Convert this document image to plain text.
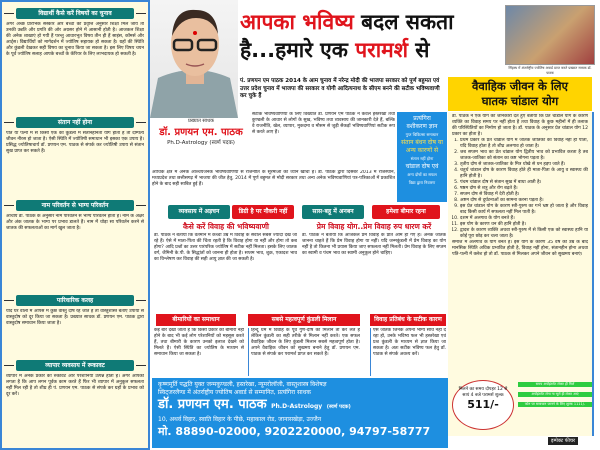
विद्यार्थी कैसे करें विषयों का चुनाव
अगर अच्छे प्रारंभिक संस्कार और बच्चों की प्रवृत्ति अनुसार शिक्षा मिल जाये तो उनकी उन्नति और प्रगति की ओर अग्रसर होने में आसानी होती है। आजकल शिक्षा की अनेक शाखाएं हो गयी हैं परन्तु आधारभूत विषय तीन ही हैं साइंस, कॉमर्स और आर्ट्स। विद्यार्थियों को मार्गदर्शन में ज्योतिष सहायक हो सकता है। ग्रहों की स्थिति और कुंडली देखकर सही विषय का चुनाव किया जा सकता है। इस लिए विषय चयन के पूर्व ज्योतिष सलाह आपके बच्चों के कॅरियर के लिए लाभदायक हो सकती है।
संतान नहीं होना
पति या पत्नी में से किसी एक की कुंडली में संतानहीनता योग होता है तो दाम्पत्य जीवन नीरस हो जाता है। ऐसी स्थिति में ज्योतिषी समाधान भी इसका एक उपाय है। प्रसिद्ध ज्योतिषाचार्य डॉ. प्रणयन एम. पाठक से संपर्क कर ज्योतिषी उपाय से संतान सुख प्राप्त कर सकते हैं।
नाम परिवर्तन से भाग्य परिवर्तन
आचार्य डॉ. पाठक के अनुसार नाम परिवर्तन से भाग्य परिवर्तन होता है। नाम के अक्षर और अंक जातक के भाग्य पर प्रभाव डालते हैं। नाम में थोड़ा सा परिवर्तन करने से जातक की सफलताओं का मार्ग खुल जाता है।
पारिवारिक कलह
यदि घर वालों में आपस में कुछ वास्तु दोष रह जाते हैं तो वास्तुशास्त्र बताए उपायों से वास्तुदोष को दूर किया जा सकता है। प्रख्यात साधक डॉ. प्रणयन एम. पाठक द्वारा वास्तुदोष समाधान किया जाता है।
व्यापार व्यवसाय में रूकावट
व्यापार में अनेक प्रकार की रुकावटें और परेशानियां उत्पन्न होती हैं। अगर आपको लगता है कि आप लगन पूर्वक काम करते हैं फिर भी व्यापार में अनुकूल सफलता नहीं मिल रही है तो शीघ्र ही पं. प्रणयन एम. पाठक से संपर्क कर ग्रहों के प्रभाव को दूर करें।
आपका भविष्य बदल सकता
है...हमारे एक परामर्श से
पं. प्रणयन एम पाठक 2014 के आम चुनाव में नरेन्द्र मोदी की भाजपा सरकार को पूर्ण बहुमत एवं उत्तर प्रदेश चुनाव में भाजपा की सरकार व योगी आदित्यनाथ के सीएम बनने की सटीक भविष्यवाणी कर चुके हैं
सिंहस्थ में अंतर्राष्ट्रीय ज्योतिष अवार्ड प्राप्त करते प्रख्यात साधक डॉ. पाठक
वैवाहिक जीवन के लिए
घातक चांडाल योग
प्रख्यात साधक
डॉ. प्रणयन एम. पाठक
Ph.D-Astrology (स्वर्ण पदक)
सटीक भविष्यवाणियों के लिए विख्यात डॉ. प्रणयन एम पाठक ने केवल हस्तरेखा तथा कुण्डली के आधार से लोगों के सुख, भविष्य तथा व्यवसाय की जानकारी देते हैं, बल्कि वे राजनीति, खेल, व्यापार, मुकदमा व मौसम से जुड़ी सैकड़ों भविष्यवाणियां सटीक रूप से करते आए हैं।
आर्थिक क्षेत्र में अनेक आश्चर्यजनक भविष्यवाणियों से राजनीति के सूरमाओं का ध्यान खींचा है। डॉ. पाठक द्वारा दिसंबर 2013 में राजस्थान, मध्यप्रदेश तथा छत्तीसगढ़ में भाजपा की जीत हेतु, 2014 में पूर्ण बहुमत से मोदी सरकार तथा अन्य अनेक भविष्यवाणियां पत्र-पत्रिकाओं में प्रकाशित होने के बाद सही साबित हुई हैं।
प्रत्यंगिरा
वशीकरण ज्ञान
गुप्त चिकित्सा समाधान
संतान बंधन दोष या
अन्य कारणों से
संतान नहीं होना
चांडाल दोष एवं
अन्य दोषों का सफल
विद्या द्वारा निवारण
डॉ. पाठक ने एक योग की जानकारी देते हुए बताया कि प्रेत चांडाल योग के कारण व्यक्ति का विवाह समय पर नहीं होता है तथा विवाह के कुछ महीनों में ही तलाक की परिस्थितियों का निर्माण हो जाता है। डॉ. पाठक के अनुसार प्रेत चांडाल योग 12 प्रकार का होता है।
1. प्रथम प्रकार के प्रेत चांडाल योग में जातक जातिका का विवाह नहीं हो पाता, यदि विवाह होता है तो शीघ्र अलगाव हो जाता है।
2. जब सप्तम भाव का प्रेत चांडाल योग द्वितीय भाव को प्रभावित करता है तब जातक-जातिका को संतान का कष्ट भोगना पड़ता है।
3. तृतीय दोष से जातक-जातिका के मित्र धोखे से धन हड़प जाते हैं।
4. चतुर्थ चांडाल दोष के कारण विवाह होते ही माता-पिता के आयु व स्वास्थ्य की हानि होती है।
5. पंचम चांडाल दोष से संतान सुख में बाधा आती है।
6. षष्ठम दोष से शत्रु और रोग बढ़ते हैं।
7. सप्तम दोष से विवाह में देरी होती है।
8. अष्टम दोष से दुर्घटनाओं का सामना करना पड़ता है।
9. इस प्रेत चांडाल योग के कारण स्त्री-पुरुष का गर्भ भ्रष्ट हो जाता है और विवाह बाद किसी कार्य में सफलता नहीं मिल पाती है।
10. दशम में अलगाव के योग बनते हैं।
11. इस योग के कारण धन की हानि होती है।
12. द्वादश के कारण व्यक्ति अथवा स्त्री-पुरुष में से किसी एक को स्वास्थ्य हानि या कोई पूरा छोड़ कर चला जाता है।
समाज में अलगाव के योग बनते हैं। इस योग के कारण 35 वर्ष की उम्र के बाद मानसिक स्थिति अधिक प्रभावित होती है, विवाह नहीं होना, संतानहीन होना अथवा पति-पत्नी में क्लेश हो तो डॉ. पाठक से मिलकर अपने जीवन को सुखमय बनाएं।
व्यवसाय में अड़चन	डिग्री है पर नौकरी नहीं	सास-बहू में अनबन	हमेशा बीमार रहना
कैसे करें विवाह की भविष्यवाणी
डॉ. पाठक ने बताया कि वर्तमान में कच्ची उम्र में विवाह के सवाल सबसे ज्यादा देखे जा रहे हैं। ऐसे में माता-पिता की चिंता रहती है कि विवाह होगा या नहीं और होगा तो कब होगा? आदि प्रश्नों का उत्तर पारंपरिक ज्योतिष में सटीक नहीं मिलता। इसके लिए जातक वर्ग, जैमिनी के.पी. के सिद्धांतों को जानना ही होता है। सप्तम भाव, शुक्र, एकादश भाव का विश्लेषण कर विवाह की सही आयु ज्ञात की जा सकती है।
प्रेम विवाह योग..प्रेम विवाह रुप धारण करें
डॉ. पाठक ने बताया कि आजकल प्रेम विवाह के प्रति आम हो गए हैं। अनेक जातक जानना चाहते हैं कि प्रेम विवाह होगा या नहीं। यदि जन्मकुंडली में प्रेम विवाह का योग नहीं है तो कितना भी प्रयास किया जाए सफलता नहीं मिलती। प्रेम विवाह के लिए सप्तम का स्वामी व पंचम भाव का स्वामी अनुकूल होने चाहिए।
बीमारियों का समाधान
कई बार देखा जाता है कि किसी प्रकार की बीमारी नहीं होने के बाद भी कई लोग परेशानियों को महसूस करते हैं, तथा बीमारी के कारण उनको इलाज देखने को मिलते हैं। ऐसी स्थिति का ज्योतिष के माध्यम से समाधान किया जा सकता है।
सबसे महत्वपूर्ण कुंडली मिलान
हिन्दू धर्म में विवाह के पूर्व गुण-दोष का मिलान तो कर लेते हैं लेकिन कुंडली का सही तरीके से मिलान नहीं करते। एक सफल वैवाहिक जीवन के लिए कुंडली मिलान सबसे महत्वपूर्ण होता है। अपने वैवाहिक जीवन को सुखमय बनाने हेतु डॉ. प्रणयन एम. पाठक से संपर्क कर परामर्श प्राप्त कर सकते हैं।
विवाह प्रतिबंध के सटीक कारण
ऐसे जातक जिनके अपना भाग्य साथ नहीं दे रहा हो, उनके भविष्य फल भी हस्तरेखा एवं प्रश्न कुंडली के माध्यम से ज्ञात किया जा सकता है। अतः सटीक भविष्य फल हेतु डॉ. पाठक से संपर्क अवश्य करें।
कृष्णमूर्ति पद्धति युक्त जन्मकुण्डली, हस्तरेखा, न्यूमरोलॉजी, वास्तुशास्त्र विशेषज्ञ
स्विट्जरलैण्ड में अंतर्राष्ट्रीय ज्योतिष अवार्ड से सम्मानित, प्रत्यंगिरा साधक
डॉ. प्रणयन एम. पाठक Ph.D-Astrology (स्वर्ण पदक)
10, अथर्व विहार, स्वाति विहार के पीछे, महाकाल रोड, जानासखेड़ा, उज्जैन
मो. 88890-02000, 9202220000, 94797-58777
मिलने का समय दोपहर 12 से सायं 4 बजे परामर्श शुल्क
511/-
समय अपॉइंटमेंट लेकर ही मिलें
अपॉइंटमेंट लेना ना भूलें ही लेकर आएं
फोन पर समाधान जानने के लिए शुल्क 1111/-
इम्पेक्ट फीचर
